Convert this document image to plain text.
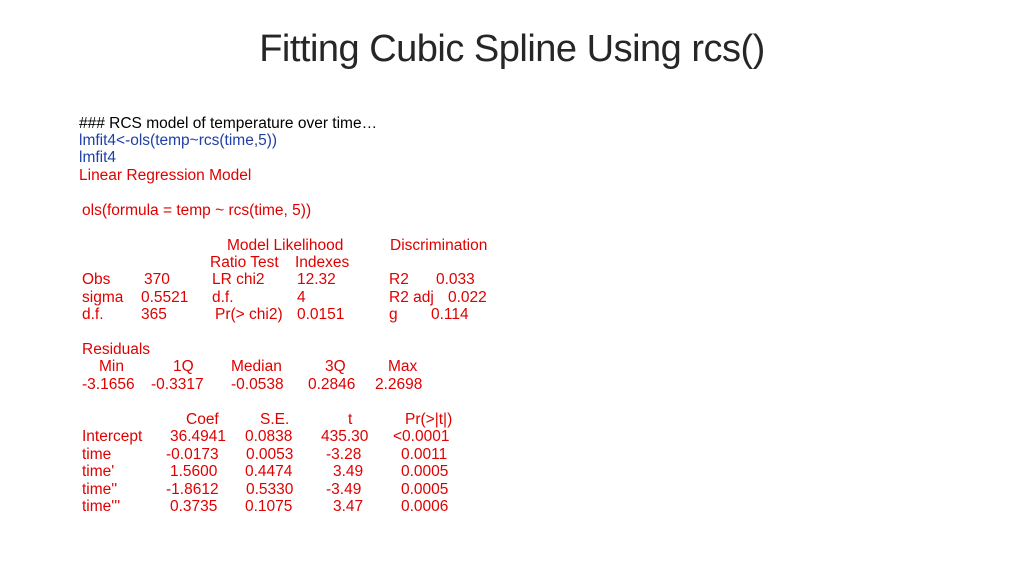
Fitting Cubic Spline Using rcs()
### RCS model of temperature over time…
lmfit4<-ols(temp~rcs(time,5))
lmfit4
Linear Regression Model
ols(formula = temp ~ rcs(time, 5))
Model Likelihood	Discrimination
Ratio Test Indexes
Obs 370	LR chi2 12.32	R2 0.033
sigma 0.5521 d.f.	4	R2 adj 0.022
d.f. 365	Pr(> chi2) 0.0151	g 0.114
Residuals
Min	1Q Median	3Q	Max
-3.1656 -0.3317 -0.0538 0.2846 2.2698
Coef	S.E.	t	Pr(>|t|)
Intercept 36.4941 0.0838 435.30 <0.0001
time	-0.0173 0.0053 -3.28	0.0011
time'	1.5600 0.4474	3.49 0.0005
time''	-1.8612 0.5330 -3.49	0.0005
time'''	0.3735 0.1075	3.47 0.0006
